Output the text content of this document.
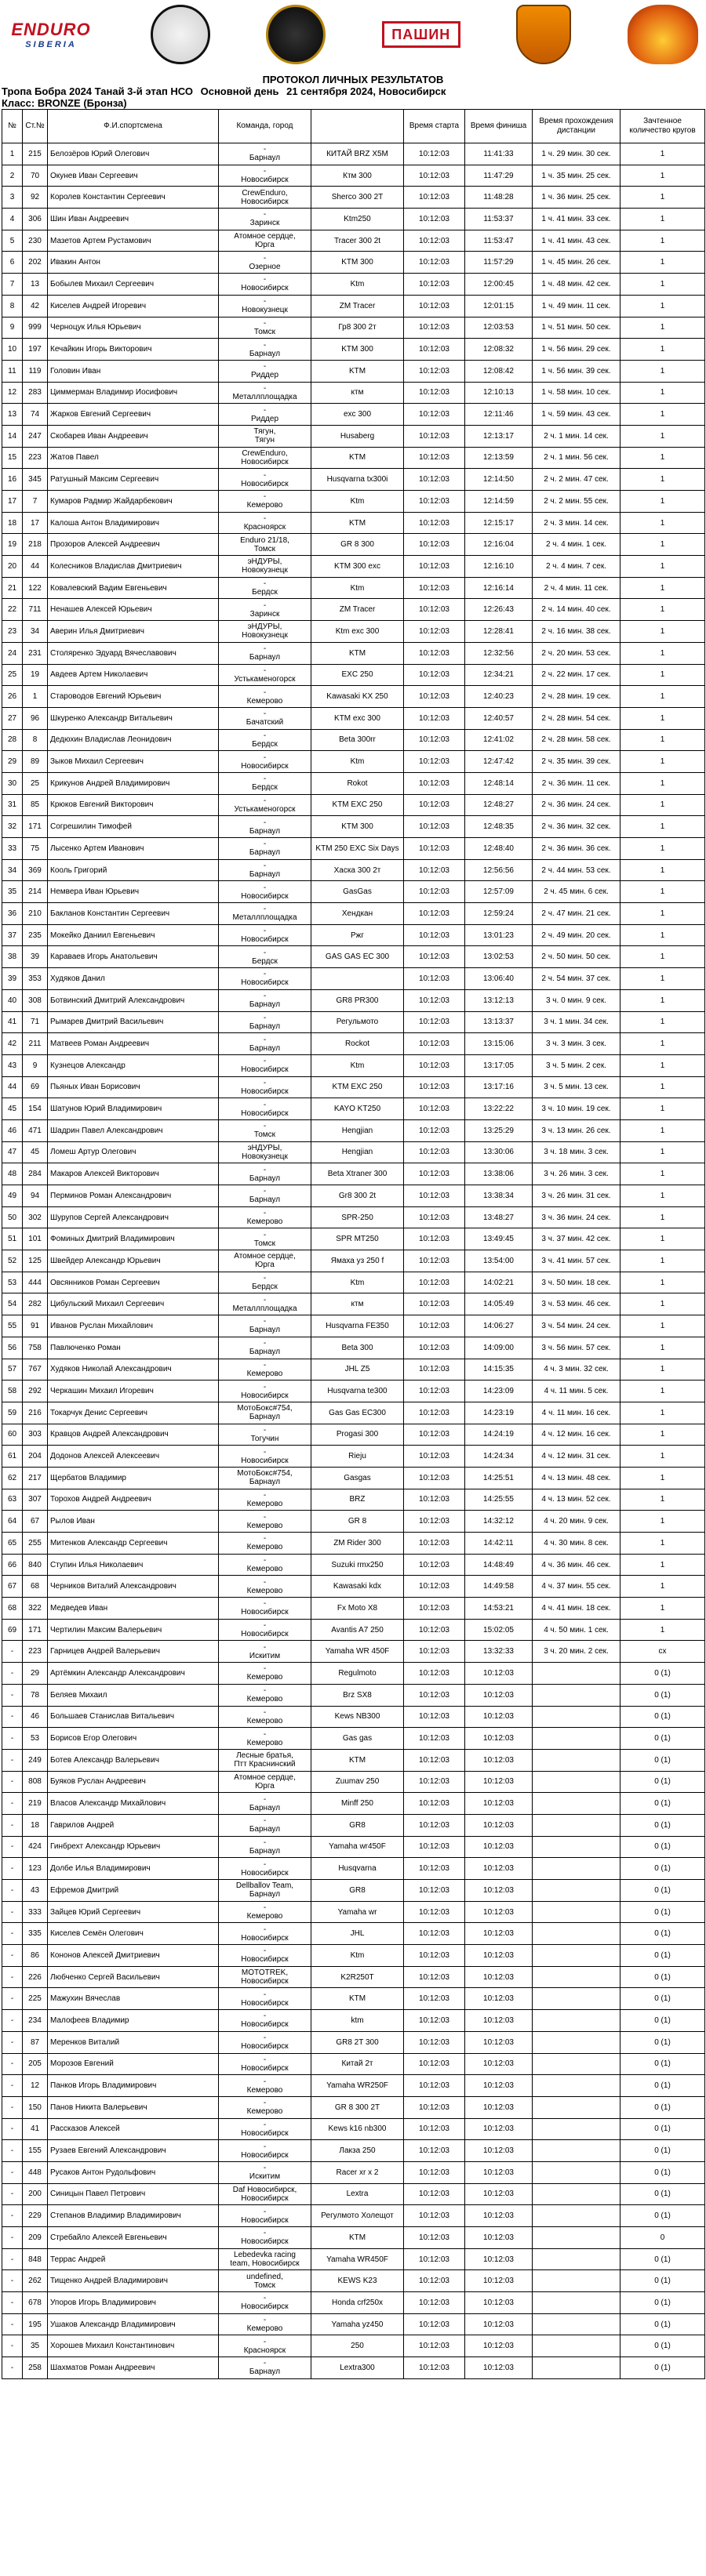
ENDURO
SIBERIA
ПАШИН
ПРОТОКОЛ ЛИЧНЫХ РЕЗУЛЬТАТОВ
Тропа Бобра 2024 Танай 3-й этап НСО Основной день 21 сентября 2024, Новосибирск
Класс: BRONZE (Бронза)
№	Ст.№	Ф.И.спортсмена	Команда, город		Время старта	Время финиша	Время прохождения дистанции	Зачтенное количество кругов
1	215	Белозёров Юрий Олегович	-
Барнаул	КИТАЙ BRZ X5M	10:12:03	11:41:33	1 ч. 29 мин. 30 сек.	1
2	70	Окунев Иван Сергеевич	-
Новосибирск	Ктм 300	10:12:03	11:47:29	1 ч. 35 мин. 25 сек.	1
3	92	Королев Константин Сергеевич	CrewEnduro,
Новосибирск	Sherco 300 2T	10:12:03	11:48:28	1 ч. 36 мин. 25 сек.	1
4	306	Шин Иван Андреевич	-
Заринск	Ktm250	10:12:03	11:53:37	1 ч. 41 мин. 33 сек.	1
5	230	Мазетов Артем Рустамович	Атомное сердце,
Юрга	Tracer 300 2t	10:12:03	11:53:47	1 ч. 41 мин. 43 сек.	1
6	202	Ивакин Антон	-
Озерное	KTM 300	10:12:03	11:57:29	1 ч. 45 мин. 26 сек.	1
7	13	Бобылев Михаил Сергеевич	-
Новосибирск	Ktm	10:12:03	12:00:45	1 ч. 48 мин. 42 сек.	1
8	42	Киселев Андрей Игоревич	-
Новокузнецк	ZM Tracer	10:12:03	12:01:15	1 ч. 49 мин. 11 сек.	1
9	999	Черноцук Илья Юрьевич	-
Томск	Гр8 300 2т	10:12:03	12:03:53	1 ч. 51 мин. 50 сек.	1
10	197	Кечайкин Игорь Викторович	-
Барнаул	KTM 300	10:12:03	12:08:32	1 ч. 56 мин. 29 сек.	1
11	119	Головин Иван	-
Риддер	KTM	10:12:03	12:08:42	1 ч. 56 мин. 39 сек.	1
12	283	Циммерман Владимир Иосифович	-
Металлплощадка	ктм	10:12:03	12:10:13	1 ч. 58 мин. 10 сек.	1
13	74	Жарков Евгений Сергеевич	-
Риддер	exc 300	10:12:03	12:11:46	1 ч. 59 мин. 43 сек.	1
14	247	Скобарев Иван Андреевич	Тягун,
Тягун	Husaberg	10:12:03	12:13:17	2 ч. 1 мин. 14 сек.	1
15	223	Жатов Павел	CrewEnduro,
Новосибирск	KTM	10:12:03	12:13:59	2 ч. 1 мин. 56 сек.	1
16	345	Ратушный Максим Сергеевич	-
Новосибирск	Husqvarna tx300i	10:12:03	12:14:50	2 ч. 2 мин. 47 сек.	1
17	7	Кумаров Радмир Жайдарбекович	-
Кемерово	Ktm	10:12:03	12:14:59	2 ч. 2 мин. 55 сек.	1
18	17	Калоша Антон Владимирович	-
Красноярск	KTM	10:12:03	12:15:17	2 ч. 3 мин. 14 сек.	1
19	218	Прозоров Алексей Андреевич	Enduro 21/18,
Томск	GR 8 300	10:12:03	12:16:04	2 ч. 4 мин. 1 сек.	1
20	44	Колесников Владислав Дмитриевич	эНДУРЫ,
Новокузнецк	KTM 300 exc	10:12:03	12:16:10	2 ч. 4 мин. 7 сек.	1
21	122	Ковалевский Вадим Евгеньевич	-
Бердск	Ktm	10:12:03	12:16:14	2 ч. 4 мин. 11 сек.	1
22	711	Ненашев Алексей Юрьевич	-
Заринск	ZM Tracer	10:12:03	12:26:43	2 ч. 14 мин. 40 сек.	1
23	34	Аверин Илья Дмитриевич	эНДУРЫ,
Новокузнецк	Ktm exc 300	10:12:03	12:28:41	2 ч. 16 мин. 38 сек.	1
24	231	Столяренко Эдуард Вячеславович	-
Барнаул	KTM	10:12:03	12:32:56	2 ч. 20 мин. 53 сек.	1
25	19	Авдеев Артем Николаевич	-
Устькаменогорск	EXC 250	10:12:03	12:34:21	2 ч. 22 мин. 17 сек.	1
26	1	Староводов Евгений Юрьевич	-
Кемерово	Kawasaki KX 250	10:12:03	12:40:23	2 ч. 28 мин. 19 сек.	1
27	96	Шкуренко Александр Витальевич	-
Бачатский	KTM exc 300	10:12:03	12:40:57	2 ч. 28 мин. 54 сек.	1
28	8	Дедюхин Владислав Леонидович	-
Бердск	Beta 300rr	10:12:03	12:41:02	2 ч. 28 мин. 58 сек.	1
29	89	Зыков Михаил Сергеевич	-
Новосибирск	Ktm	10:12:03	12:47:42	2 ч. 35 мин. 39 сек.	1
30	25	Крикунов Андрей Владимирович	-
Бердск	Rokot	10:12:03	12:48:14	2 ч. 36 мин. 11 сек.	1
31	85	Крюков Евгений Викторович	-
Устькаменогорск	KTM EXC 250	10:12:03	12:48:27	2 ч. 36 мин. 24 сек.	1
32	171	Согрешилин Тимофей	-
Барнаул	KTM 300	10:12:03	12:48:35	2 ч. 36 мин. 32 сек.	1
33	75	Лысенко Артем Иванович	-
Барнаул	KTM 250 EXC Six Days	10:12:03	12:48:40	2 ч. 36 мин. 36 сек.	1
34	369	Кооль Григорий	-
Барнаул	Хаска 300 2т	10:12:03	12:56:56	2 ч. 44 мин. 53 сек.	1
35	214	Немвера Иван Юрьевич	-
Новосибирск	GasGas	10:12:03	12:57:09	2 ч. 45 мин. 6 сек.	1
36	210	Бакланов Константин Сергеевич	-
Металлплощадка	Хендкан	10:12:03	12:59:24	2 ч. 47 мин. 21 сек.	1
37	235	Мокейко Даниил Евгеньевич	-
Новосибирск	Ржг	10:12:03	13:01:23	2 ч. 49 мин. 20 сек.	1
38	39	Караваев Игорь Анатольевич	-
Бердск	GAS GAS EC 300	10:12:03	13:02:53	2 ч. 50 мин. 50 сек.	1
39	353	Худяков Данил	-
Новосибирск		10:12:03	13:06:40	2 ч. 54 мин. 37 сек.	1
40	308	Ботвинский Дмитрий Александрович	-
Барнаул	GR8 PR300	10:12:03	13:12:13	3 ч. 0 мин. 9 сек.	1
41	71	Рымарев Дмитрий Васильевич	-
Барнаул	Регульмото	10:12:03	13:13:37	3 ч. 1 мин. 34 сек.	1
42	211	Матвеев Роман Андреевич	-
Барнаул	Rockot	10:12:03	13:15:06	3 ч. 3 мин. 3 сек.	1
43	9	Кузнецов Александр	-
Новосибирск	Ktm	10:12:03	13:17:05	3 ч. 5 мин. 2 сек.	1
44	69	Пьяных Иван Борисович	-
Новосибирск	KTM EXC 250	10:12:03	13:17:16	3 ч. 5 мин. 13 сек.	1
45	154	Шатунов Юрий Владимирович	-
Новосибирск	KAYO KT250	10:12:03	13:22:22	3 ч. 10 мин. 19 сек.	1
46	471	Шадрин Павел Александрович	-
Томск	Hengjian	10:12:03	13:25:29	3 ч. 13 мин. 26 сек.	1
47	45	Ломеш Артур Олегович	эНДУРЫ,
Новокузнецк	Hengjian	10:12:03	13:30:06	3 ч. 18 мин. 3 сек.	1
48	284	Макаров Алексей Викторович	-
Барнаул	Beta Xtraner 300	10:12:03	13:38:06	3 ч. 26 мин. 3 сек.	1
49	94	Перминов Роман Александрович	-
Барнаул	Gr8 300 2t	10:12:03	13:38:34	3 ч. 26 мин. 31 сек.	1
50	302	Шурупов Сергей Александрович	-
Кемерово	SPR-250	10:12:03	13:48:27	3 ч. 36 мин. 24 сек.	1
51	101	Фоминых Дмитрий Владимирович	-
Томск	SPR MT250	10:12:03	13:49:45	3 ч. 37 мин. 42 сек.	1
52	125	Швейдер Александр Юрьевич	Атомное сердце,
Юрга	Ямаха уз 250 f	10:12:03	13:54:00	3 ч. 41 мин. 57 сек.	1
53	444	Овсянников Роман Сергеевич	-
Бердск	Ktm	10:12:03	14:02:21	3 ч. 50 мин. 18 сек.	1
54	282	Цибульский Михаил Сергеевич	-
Металлплощадка	ктм	10:12:03	14:05:49	3 ч. 53 мин. 46 сек.	1
55	91	Иванов Руслан Михайлович	-
Барнаул	Husqvarna FE350	10:12:03	14:06:27	3 ч. 54 мин. 24 сек.	1
56	758	Павлюченко Роман	-
Барнаул	Beta 300	10:12:03	14:09:00	3 ч. 56 мин. 57 сек.	1
57	767	Худяков Николай Александрович	-
Кемерово	JHL Z5	10:12:03	14:15:35	4 ч. 3 мин. 32 сек.	1
58	292	Черкашин Михаил Игоревич	-
Новосибирск	Husqvarna te300	10:12:03	14:23:09	4 ч. 11 мин. 5 сек.	1
59	216	Токарчук Денис Сергеевич	МотоБокс#754,
Барнаул	Gas Gas EC300	10:12:03	14:23:19	4 ч. 11 мин. 16 сек.	1
60	303	Кравцов Андрей Александрович	-
Тогучин	Progasi 300	10:12:03	14:24:19	4 ч. 12 мин. 16 сек.	1
61	204	Додонов Алексей Алексеевич	-
Новосибирск	Rieju	10:12:03	14:24:34	4 ч. 12 мин. 31 сек.	1
62	217	Щербатов Владимир	МотоБокс#754,
Барнаул	Gasgas	10:12:03	14:25:51	4 ч. 13 мин. 48 сек.	1
63	307	Торохов Андрей Андреевич	-
Кемерово	BRZ	10:12:03	14:25:55	4 ч. 13 мин. 52 сек.	1
64	67	Рылов Иван	-
Кемерово	GR 8	10:12:03	14:32:12	4 ч. 20 мин. 9 сек.	1
65	255	Митенков Александр Сергеевич	-
Кемерово	ZM Rider 300	10:12:03	14:42:11	4 ч. 30 мин. 8 сек.	1
66	840	Ступин Илья Николаевич	-
Кемерово	Suzuki rmx250	10:12:03	14:48:49	4 ч. 36 мин. 46 сек.	1
67	68	Черников Виталий Александрович	-
Кемерово	Kawasaki kdx	10:12:03	14:49:58	4 ч. 37 мин. 55 сек.	1
68	322	Медведев Иван	-
Новосибирск	Fx Moto X8	10:12:03	14:53:21	4 ч. 41 мин. 18 сек.	1
69	171	Чертилин Максим Валерьевич	-
Новосибирск	Avantis A7 250	10:12:03	15:02:05	4 ч. 50 мин. 1 сек.	1
-	223	Гарницев Андрей Валерьевич	-
Искитим	Yamaha WR 450F	10:12:03	13:32:33	3 ч. 20 мин. 2 сек.	сх
-	29	Артёмкин Александр Александрович	-
Кемерово	Regulmoto	10:12:03	10:12:03		0 (1)
-	78	Беляев Михаил	-
Кемерово	Brz SX8	10:12:03	10:12:03		0 (1)
-	46	Большаев Станислав Витальевич	-
Кемерово	Kews NB300	10:12:03	10:12:03		0 (1)
-	53	Борисов Егор Олегович	-
Кемерово	Gas gas	10:12:03	10:12:03		0 (1)
-	249	Ботев Александр Валерьевич	Лесные братья,
Птт Краснинский	KTM	10:12:03	10:12:03		0 (1)
-	808	Буяков Руслан Андреевич	Атомное сердце,
Юрга	Zuumav 250	10:12:03	10:12:03		0 (1)
-	219	Власов Александр Михайлович	-
Барнаул	Minff 250	10:12:03	10:12:03		0 (1)
-	18	Гаврилов Андрей	-
Барнаул	GR8	10:12:03	10:12:03		0 (1)
-	424	Гинбрехт Александр Юрьевич	-
Барнаул	Yamaha wr450F	10:12:03	10:12:03		0 (1)
-	123	Долбе Илья Владимирович	-
Новосибирск	Husqvarna	10:12:03	10:12:03		0 (1)
-	43	Ефремов Дмитрий	Dellballov Team,
Барнаул	GR8	10:12:03	10:12:03		0 (1)
-	333	Зайцев Юрий Сергеевич	-
Кемерово	Yamaha wr	10:12:03	10:12:03		0 (1)
-	335	Киселев Семён Олегович	-
Новосибирск	JHL	10:12:03	10:12:03		0 (1)
-	86	Кононов Алексей Дмитриевич	-
Новосибирск	Ktm	10:12:03	10:12:03		0 (1)
-	226	Любченко Сергей Васильевич	MOTOTREK,
Новосибирск	K2R250T	10:12:03	10:12:03		0 (1)
-	225	Мажухин Вячеслав	-
Новосибирск	KTM	10:12:03	10:12:03		0 (1)
-	234	Малофеев Владимир	-
Новосибирск	ktm	10:12:03	10:12:03		0 (1)
-	87	Меренков Виталий	-
Новосибирск	GR8 2T 300	10:12:03	10:12:03		0 (1)
-	205	Морозов Евгений	-
Новосибирск	Китай 2т	10:12:03	10:12:03		0 (1)
-	12	Панков Игорь Владимирович	-
Кемерово	Yamaha WR250F	10:12:03	10:12:03		0 (1)
-	150	Панов Никита Валерьевич	-
Кемерово	GR 8 300 2T	10:12:03	10:12:03		0 (1)
-	41	Рассказов Алексей	-
Новосибирск	Kews k16 nb300	10:12:03	10:12:03		0 (1)
-	155	Рузаев Евгений Александрович	-
Новосибирск	Лакза 250	10:12:03	10:12:03		0 (1)
-	448	Русаков Антон Рудольфович	-
Искитим	Racer xr x 2	10:12:03	10:12:03		0 (1)
-	200	Синицын Павел Петрович	Daf Новосибирск,
Новосибирск	Lextra	10:12:03	10:12:03		0 (1)
-	229	Степанов Владимир Владимирович	-
Новосибирск	Регулмото Холещот	10:12:03	10:12:03		0 (1)
-	209	Стребайло Алексей Евгеньевич	-
Новосибирск	KTM	10:12:03	10:12:03		0
-	848	Террас Андрей	Lebedevka racing
team, Новосибирск	Yamaha WR450F	10:12:03	10:12:03		0 (1)
-	262	Тищенко Андрей Владимирович	undefined,
Томск	KEWS K23	10:12:03	10:12:03		0 (1)
-	678	Упоров Игорь Владимирович	-
Новосибирск	Honda crf250x	10:12:03	10:12:03		0 (1)
-	195	Ушаков Александр Владимирович	-
Кемерово	Yamaha yz450	10:12:03	10:12:03		0 (1)
-	35	Хорошев Михаил Константинович	-
Красноярск	250	10:12:03	10:12:03		0 (1)
-	258	Шахматов Роман Андреевич	-
Барнаул	Lextra300	10:12:03	10:12:03		0 (1)
